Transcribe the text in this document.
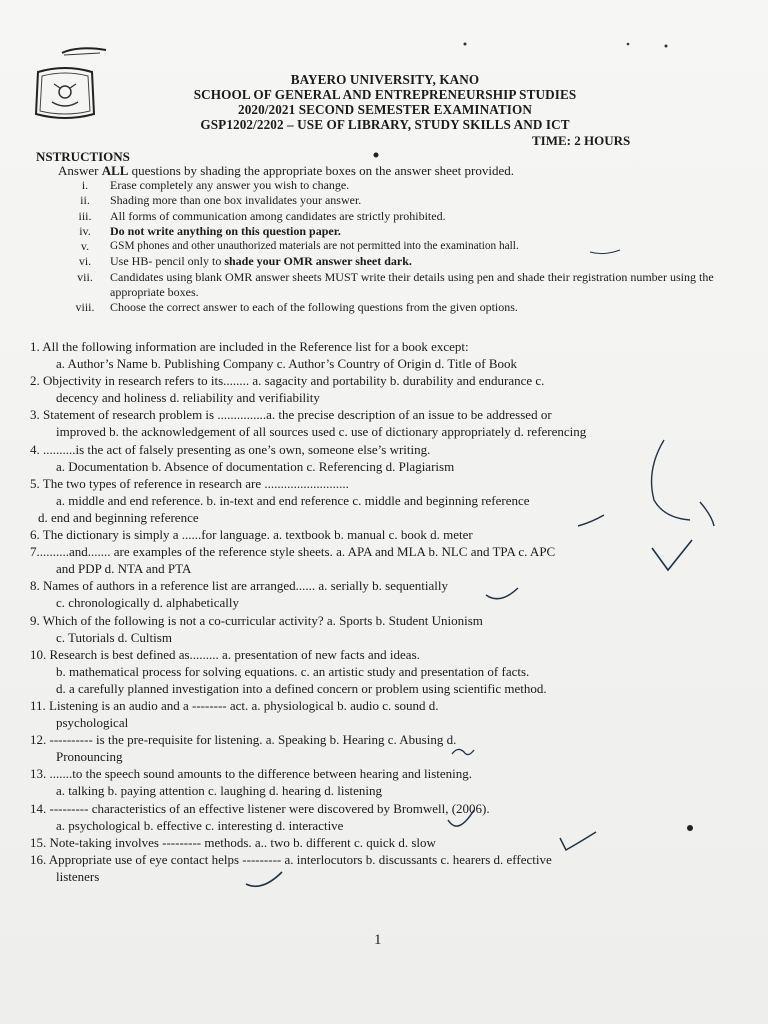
BAYERO UNIVERSITY, KANO
SCHOOL OF GENERAL AND ENTREPRENEURSHIP STUDIES
2020/2021 SECOND SEMESTER EXAMINATION
GSP1202/2202 – USE OF LIBRARY, STUDY SKILLS AND ICT
TIME: 2 HOURS
NSTRUCTIONS
Answer ALL questions by shading the appropriate boxes on the answer sheet provided.
i.	Erase completely any answer you wish to change.
ii.	Shading more than one box invalidates your answer.
iii.	All forms of communication among candidates are strictly prohibited.
iv.	Do not write anything on this question paper.
v.	GSM phones and other unauthorized materials are not permitted into the examination hall.
vi.	Use HB- pencil only to shade your OMR answer sheet dark.
vii.	Candidates using blank OMR answer sheets MUST write their details using pen and shade their registration number using the appropriate boxes.
viii.	Choose the correct answer to each of the following questions from the given options.
1. All the following information are included in the Reference list for a book except:
a. Author’s Name b. Publishing Company c. Author’s Country of Origin d. Title of Book
2. Objectivity in research refers to its........ a. sagacity and portability b. durability and endurance c.
decency and holiness d. reliability and verifiability
3. Statement of research problem is ...............a. the precise description of an issue to be addressed or
improved b. the acknowledgement of all sources used c. use of dictionary appropriately d. referencing
4. ..........is the act of falsely presenting as one’s own, someone else’s writing.
a. Documentation b. Absence of documentation c. Referencing d. Plagiarism
5. The two types of reference in research are ..........................
a. middle and end reference. b. in-text and end reference c. middle and beginning reference
d. end and beginning reference
6. The dictionary is simply a ......for language. a. textbook b. manual c. book d. meter
7..........and....... are examples of the reference style sheets. a. APA and MLA b. NLC and TPA c. APC
and PDP d. NTA and PTA
8. Names of authors in a reference list are arranged...... a. serially b. sequentially
c. chronologically d. alphabetically
9. Which of the following is not a co-curricular activity? a. Sports b. Student Unionism
c. Tutorials d. Cultism
10. Research is best defined as......... a. presentation of new facts and ideas.
b. mathematical process for solving equations. c. an artistic study and presentation of facts.
d. a carefully planned investigation into a defined concern or problem using scientific method.
11. Listening is an audio and a -------- act. a. physiological b. audio c. sound d.
psychological
12. ---------- is the pre-requisite for listening. a. Speaking b. Hearing c. Abusing d.
Pronouncing
13. .......to the speech sound amounts to the difference between hearing and listening.
a. talking b. paying attention c. laughing d. hearing d. listening
14. --------- characteristics of an effective listener were discovered by Bromwell, (2006).
a. psychological b. effective c. interesting d. interactive
15. Note-taking involves --------- methods. a.. two b. different c. quick d. slow
16. Appropriate use of eye contact helps --------- a. interlocutors b. discussants c. hearers d. effective
listeners
1
